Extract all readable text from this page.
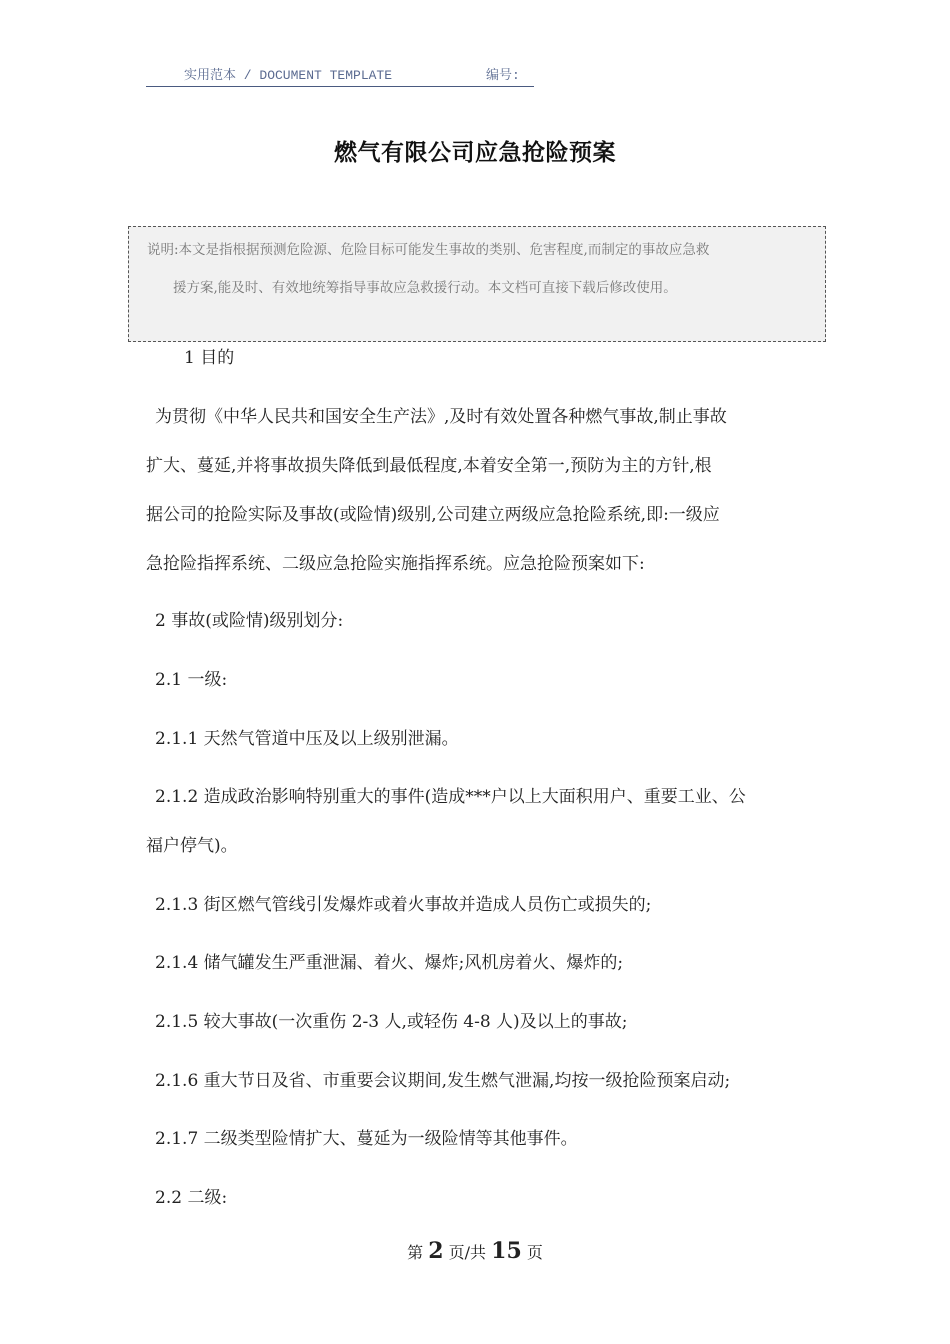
实用范本 / DOCUMENT TEMPLATE	编号:
燃气有限公司应急抢险预案

说明:本文是指根据预测危险源、危险目标可能发生事故的类别、危害程度,而制定的事故应急救
援方案,能及时、有效地统筹指导事故应急救援行动。本文档可直接下载后修改使用。

1 目的
为贯彻《中华人民共和国安全生产法》,及时有效处置各种燃气事故,制止事故
扩大、蔓延,并将事故损失降低到最低程度,本着安全第一,预防为主的方针,根
据公司的抢险实际及事故(或险情)级别,公司建立两级应急抢险系统,即:一级应
急抢险指挥系统、二级应急抢险实施指挥系统。应急抢险预案如下:
2 事故(或险情)级别划分:
2.1 一级:
2.1.1 天然气管道中压及以上级别泄漏。
2.1.2 造成政治影响特别重大的事件(造成***户以上大面积用户、重要工业、公
福户停气)。
2.1.3 街区燃气管线引发爆炸或着火事故并造成人员伤亡或损失的;
2.1.4 储气罐发生严重泄漏、着火、爆炸;风机房着火、爆炸的;
2.1.5 较大事故(一次重伤 2-3 人,或轻伤 4-8 人)及以上的事故;
2.1.6 重大节日及省、市重要会议期间,发生燃气泄漏,均按一级抢险预案启动;
2.1.7 二级类型险情扩大、蔓延为一级险情等其他事件。
2.2 二级:
第 2 页/共 15 页
